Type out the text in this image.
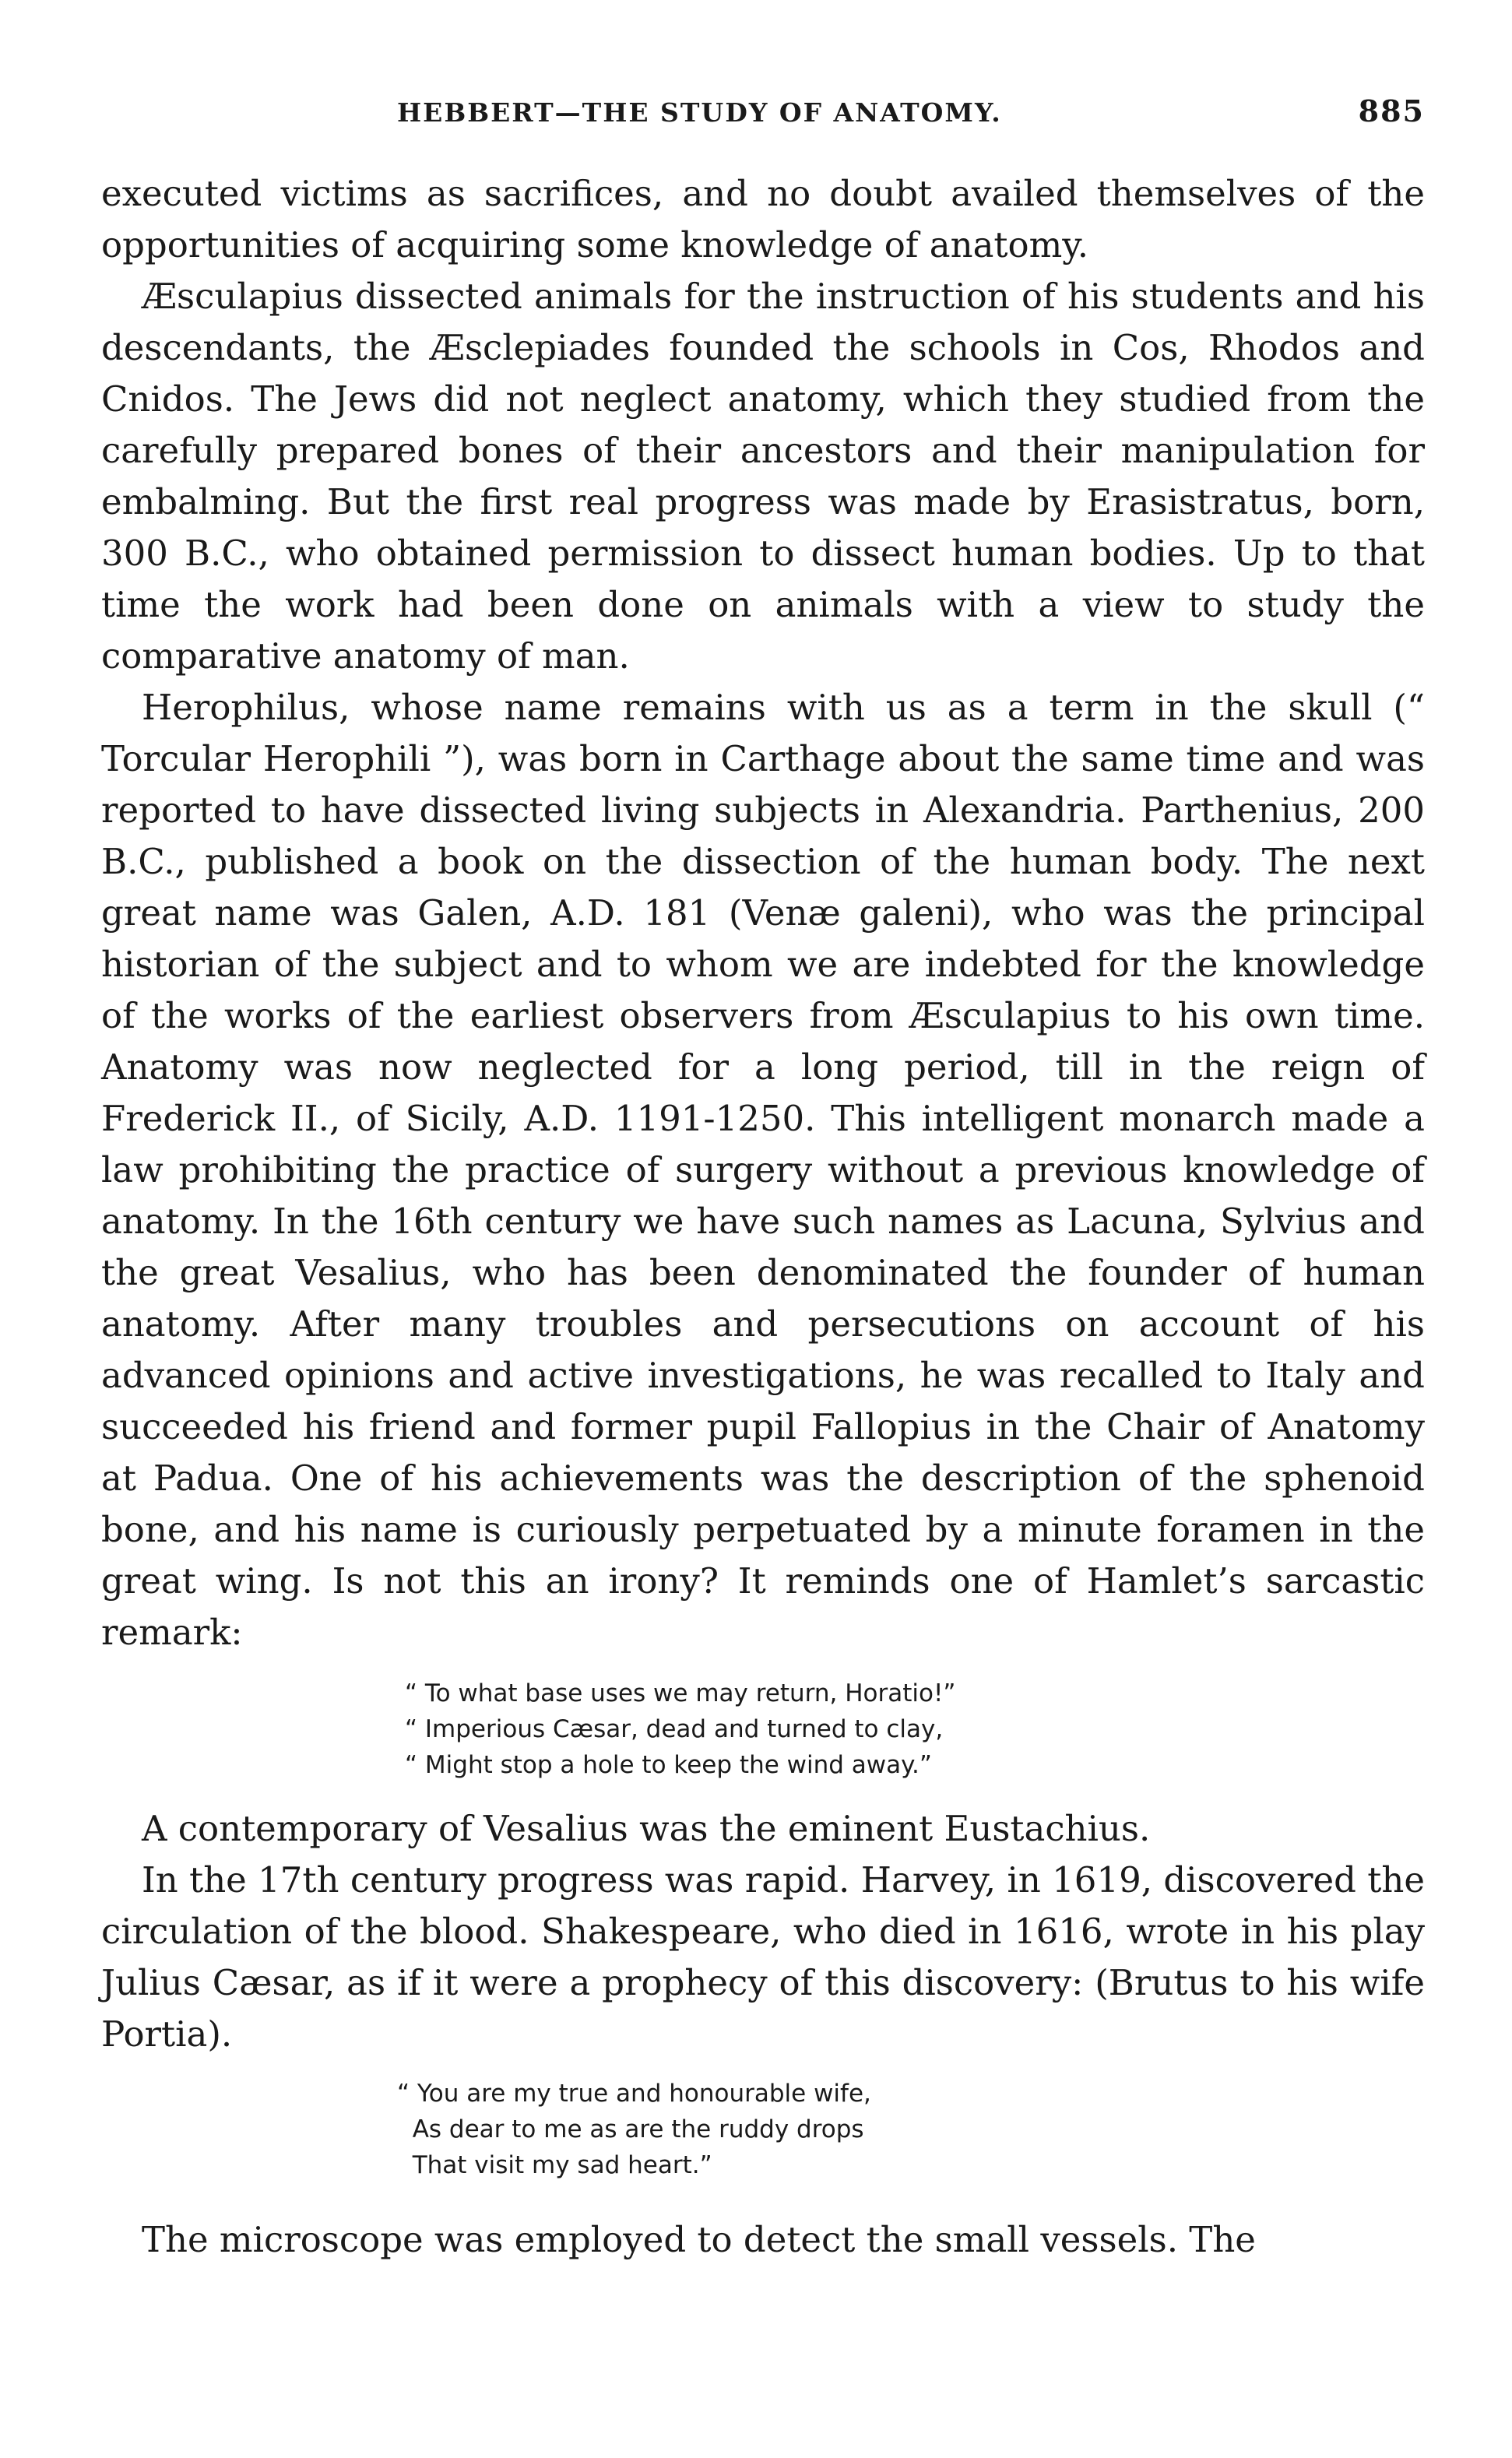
HEBBERT—THE STUDY OF ANATOMY.	885

executed victims as sacrifices, and no doubt availed themselves of the opportunities of acquiring some knowledge of anatomy.

Æsculapius dissected animals for the instruction of his students and his descendants, the Æsclepiades founded the schools in Cos, Rhodos and Cnidos. The Jews did not neglect anatomy, which they studied from the carefully prepared bones of their ancestors and their manipulation for embalming. But the first real progress was made by Erasistratus, born, 300 B.C., who obtained permission to dissect human bodies. Up to that time the work had been done on animals with a view to study the comparative anatomy of man.

Herophilus, whose name remains with us as a term in the skull (“ Torcular Herophili ”), was born in Carthage about the same time and was reported to have dissected living subjects in Alexandria. Parthenius, 200 B.C., published a book on the dissection of the human body. The next great name was Galen, A.D. 181 (Venæ galeni), who was the principal historian of the subject and to whom we are indebted for the knowledge of the works of the earliest observers from Æsculapius to his own time. Anatomy was now neglected for a long period, till in the reign of Frederick II., of Sicily, A.D. 1191-1250. This intelligent monarch made a law prohibiting the practice of surgery without a previous knowledge of anatomy. In the 16th century we have such names as Lacuna, Sylvius and the great Vesalius, who has been denominated the founder of human anatomy. After many troubles and persecutions on account of his advanced opinions and active investigations, he was recalled to Italy and succeeded his friend and former pupil Fallopius in the Chair of Anatomy at Padua. One of his achievements was the description of the sphenoid bone, and his name is curiously perpetuated by a minute foramen in the great wing. Is not this an irony? It reminds one of Hamlet’s sarcastic remark:

“ To what base uses we may return, Horatio!”
“ Imperious Cæsar, dead and turned to clay,
“ Might stop a hole to keep the wind away.”

A contemporary of Vesalius was the eminent Eustachius.

In the 17th century progress was rapid. Harvey, in 1619, discovered the circulation of the blood. Shakespeare, who died in 1616, wrote in his play Julius Cæsar, as if it were a prophecy of this discovery: (Brutus to his wife Portia).

“ You are my true and honourable wife,
As dear to me as are the ruddy drops
That visit my sad heart.”

The microscope was employed to detect the small vessels. The
